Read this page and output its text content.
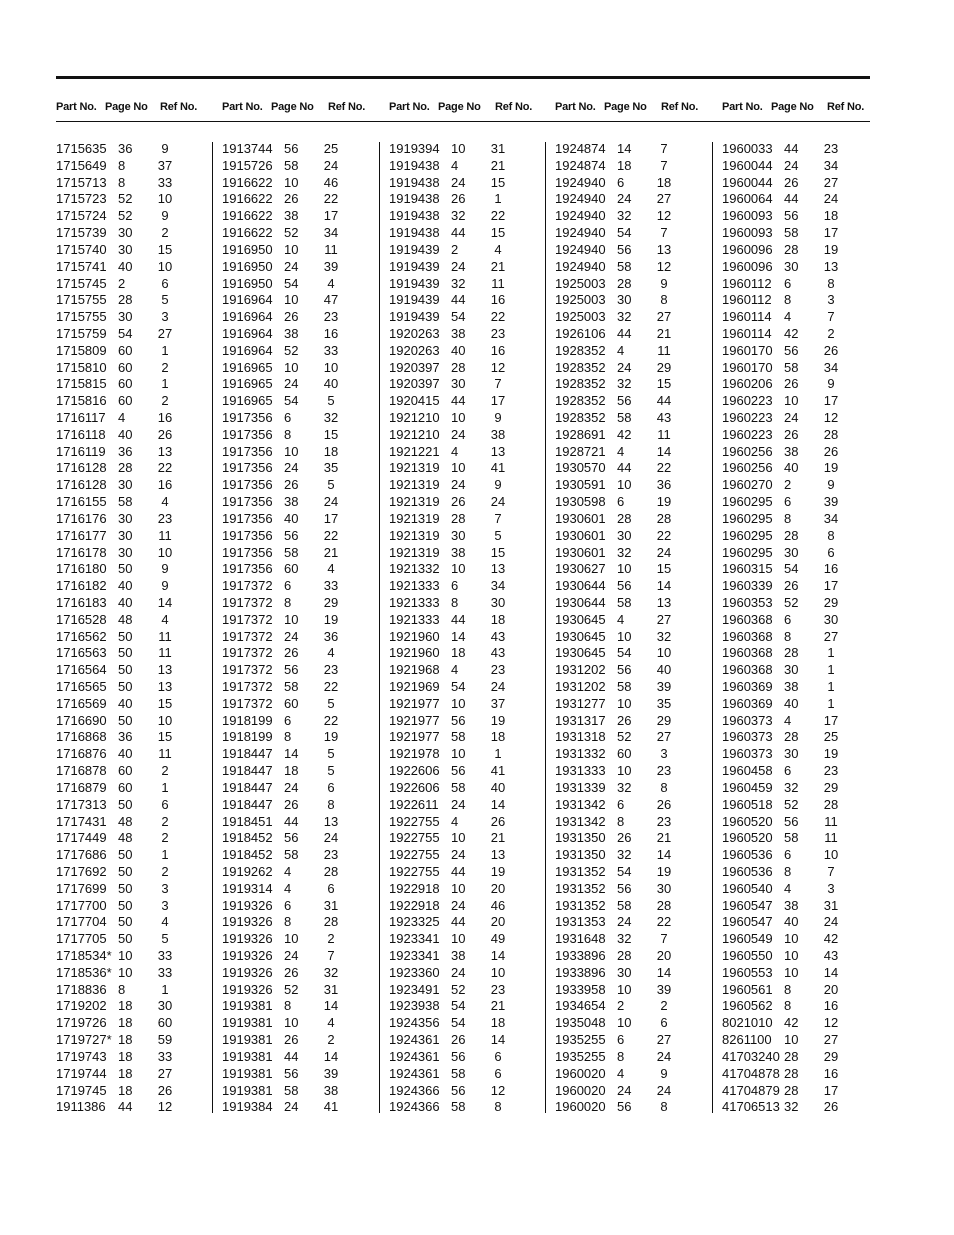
Part No. Page No Ref No.
1715635 36	9
1715649 8	37
1715713 8	33
1715723 52	10
1715724 52	9
1715739 30	2
1715740 30	15
1715741 40	10
1715745 2	6
1715755 28	5
1715755 30	3
1715759 54	27
1715809 60	1
1715810 60	2
1715815 60	1
1715816 60	2
1716117 4	16
1716118 40	26
1716119 36	13
1716128 28	22
1716128 30	16
1716155 58	4
1716176 30	23
1716177 30	11
1716178 30	10
1716180 50	9
1716182 40	9
1716183 40	14
1716528 48	4
1716562 50	11
1716563 50	11
1716564 50	13
1716565 50	13
1716569 40	15
1716690 50	10
1716868 36	15
1716876 40	11
1716878 60	2
1716879 60	1
1717313 50	6
1717431 48	2
1717449 48	2
1717686 50	1
1717692 50	2
1717699 50	3
1717700 50	3
1717704 50	4
1717705 50	5
1718534* 10	33
1718536* 10	33
1718836 8	1
1719202 18	30
1719726 18	60
1719727* 18	59
1719743 18	33
1719744 18	27
1719745 18	26
1911386 44	12
Part No. Page No Ref No.
1913744 56	25
1915726 58	24
1916622 10	46
1916622 26	22
1916622 38	17
1916622 52	34
1916950 10	11
1916950 24	39
1916950 54	4
1916964 10	47
1916964 26	23
1916964 38	16
1916964 52	33
1916965 10	10
1916965 24	40
1916965 54	5
1917356 6	32
1917356 8	15
1917356 10	18
1917356 24	35
1917356 26	5
1917356 38	24
1917356 40	17
1917356 56	22
1917356 58	21
1917356 60	4
1917372 6	33
1917372 8	29
1917372 10	19
1917372 24	36
1917372 26	4
1917372 56	23
1917372 58	22
1917372 60	5
1918199 6	22
1918199 8	19
1918447 14	5
1918447 18	5
1918447 24	6
1918447 26	8
1918451 44	13
1918452 56	24
1918452 58	23
1919262 4	28
1919314 4	6
1919326 6	31
1919326 8	28
1919326 10	2
1919326 24	7
1919326 26	32
1919326 52	31
1919381 8	14
1919381 10	4
1919381 26	2
1919381 44	14
1919381 56	39
1919381 58	38
1919384 24	41
Part No. Page No Ref No.
1919394 10	31
1919438 4	21
1919438 24	15
1919438 26	1
1919438 32	22
1919438 44	15
1919439 2	4
1919439 24	21
1919439 32	11
1919439 44	16
1919439 54	22
1920263 38	23
1920263 40	16
1920397 28	12
1920397 30	7
1920415 44	17
1921210 10	9
1921210 24	38
1921221 4	13
1921319 10	41
1921319 24	9
1921319 26	24
1921319 28	7
1921319 30	5
1921319 38	15
1921332 10	13
1921333 6	34
1921333 8	30
1921333 44	18
1921960 14	43
1921960 18	43
1921968 4	23
1921969 54	24
1921977 10	37
1921977 56	19
1921977 58	18
1921978 10	1
1922606 56	41
1922606 58	40
1922611 24	14
1922755 4	26
1922755 10	21
1922755 24	13
1922755 44	19
1922918 10	20
1922918 24	46
1923325 44	20
1923341 10	49
1923341 38	14
1923360 24	10
1923491 52	23
1923938 54	21
1924356 54	18
1924361 26	14
1924361 56	6
1924361 58	6
1924366 56	12
1924366 58	8
Part No. Page No Ref No.
1924874 14	7
1924874 18	7
1924940 6	18
1924940 24	27
1924940 32	12
1924940 54	7
1924940 56	13
1924940 58	12
1925003 28	9
1925003 30	8
1925003 32	27
1926106 44	21
1928352 4	11
1928352 24	29
1928352 32	15
1928352 56	44
1928352 58	43
1928691 42	11
1928721 4	14
1930570 44	22
1930591 10	36
1930598 6	19
1930601 28	28
1930601 30	22
1930601 32	24
1930627 10	15
1930644 56	14
1930644 58	13
1930645 4	27
1930645 10	32
1930645 54	10
1931202 56	40
1931202 58	39
1931277 10	35
1931317 26	29
1931318 52	27
1931332 60	3
1931333 10	23
1931339 32	8
1931342 6	26
1931342 8	23
1931350 26	21
1931350 32	14
1931352 54	19
1931352 56	30
1931352 58	28
1931353 24	22
1931648 32	7
1933896 28	20
1933896 30	14
1933958 10	39
1934654 2	2
1935048 10	6
1935255 6	27
1935255 8	24
1960020 4	9
1960020 24	24
1960020 56	8
Part No. Page No Ref No.
1960033 44	23
1960044 24	34
1960044 26	27
1960064 44	24
1960093 56	18
1960093 58	17
1960096 28	19
1960096 30	13
1960112 6	8
1960112 8	3
1960114 4	7
1960114 42	2
1960170 56	26
1960170 58	34
1960206 26	9
1960223 10	17
1960223 24	12
1960223 26	28
1960256 38	26
1960256 40	19
1960270 2	9
1960295 6	39
1960295 8	34
1960295 28	8
1960295 30	6
1960315 54	16
1960339 26	17
1960353 52	29
1960368 6	30
1960368 8	27
1960368 28	1
1960368 30	1
1960369 38	1
1960369 40	1
1960373 4	17
1960373 28	25
1960373 30	19
1960458 6	23
1960459 32	29
1960518 52	28
1960520 56	11
1960520 58	11
1960536 6	10
1960536 8	7
1960540 4	3
1960547 38	31
1960547 40	24
1960549 10	42
1960550 10	43
1960553 10	14
1960561 8	20
1960562 8	16
8021010 42	12
8261100 10	27
41703240 28	29
41704878 28	16
41704879 28	17
41706513 32	26
